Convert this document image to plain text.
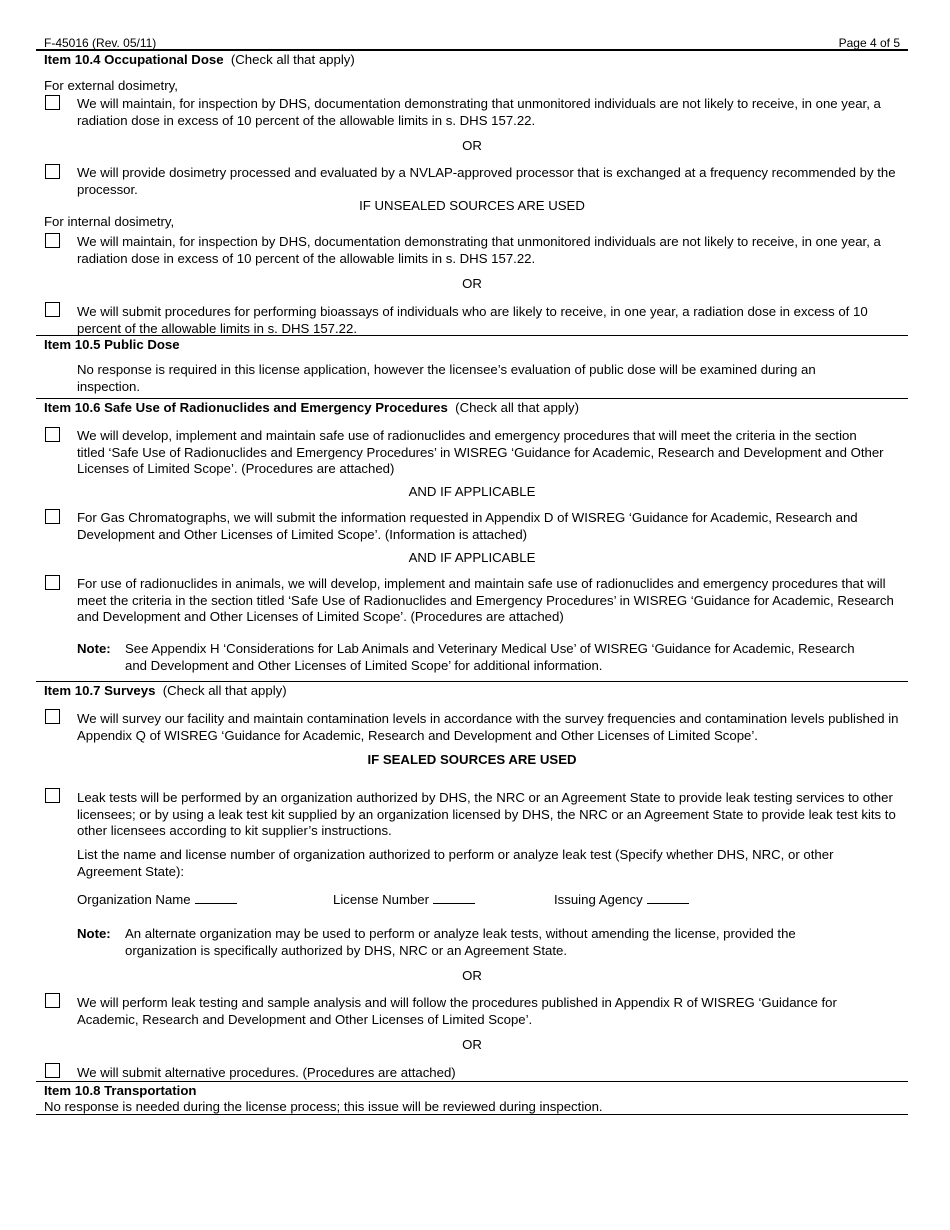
F-45016 (Rev. 05/11)	Page 4 of 5
Item 10.4 Occupational Dose (Check all that apply)
For external dosimetry,
We will maintain, for inspection by DHS, documentation demonstrating that unmonitored individuals are not likely to receive, in one year, a radiation dose in excess of 10 percent of the allowable limits in s. DHS 157.22.
OR
We will provide dosimetry processed and evaluated by a NVLAP-approved processor that is exchanged at a frequency recommended by the processor.
IF UNSEALED SOURCES ARE USED
For internal dosimetry,
We will maintain, for inspection by DHS, documentation demonstrating that unmonitored individuals are not likely to receive, in one year, a radiation dose in excess of 10 percent of the allowable limits in s. DHS 157.22.
OR
We will submit procedures for performing bioassays of individuals who are likely to receive, in one year, a radiation dose in excess of 10 percent of the allowable limits in s. DHS 157.22.
Item 10.5 Public Dose
No response is required in this license application, however the licensee’s evaluation of public dose will be examined during an inspection.
Item 10.6 Safe Use of Radionuclides and Emergency Procedures (Check all that apply)
We will develop, implement and maintain safe use of radionuclides and emergency procedures that will meet the criteria in the section titled ‘Safe Use of Radionuclides and Emergency Procedures’ in WISREG ‘Guidance for Academic, Research and Development and Other Licenses of Limited Scope’. (Procedures are attached)
AND IF APPLICABLE
For Gas Chromatographs, we will submit the information requested in Appendix D of WISREG ‘Guidance for Academic, Research and Development and Other Licenses of Limited Scope’. (Information is attached)
AND IF APPLICABLE
For use of radionuclides in animals, we will develop, implement and maintain safe use of radionuclides and emergency procedures that will meet the criteria in the section titled ‘Safe Use of Radionuclides and Emergency Procedures’ in WISREG ‘Guidance for Academic, Research and Development and Other Licenses of Limited Scope’. (Procedures are attached)
Note: See Appendix H ‘Considerations for Lab Animals and Veterinary Medical Use’ of WISREG ‘Guidance for Academic, Research and Development and Other Licenses of Limited Scope’ for additional information.
Item 10.7 Surveys (Check all that apply)
We will survey our facility and maintain contamination levels in accordance with the survey frequencies and contamination levels published in Appendix Q of WISREG ‘Guidance for Academic, Research and Development and Other Licenses of Limited Scope’.
IF SEALED SOURCES ARE USED
Leak tests will be performed by an organization authorized by DHS, the NRC or an Agreement State to provide leak testing services to other licensees; or by using a leak test kit supplied by an organization licensed by DHS, the NRC or an Agreement State to provide leak test kits to other licensees according to kit supplier’s instructions.
List the name and license number of organization authorized to perform or analyze leak test (Specify whether DHS, NRC, or other Agreement State):
Organization Name	License Number	Issuing Agency
Note: An alternate organization may be used to perform or analyze leak tests, without amending the license, provided the organization is specifically authorized by DHS, NRC or an Agreement State.
OR
We will perform leak testing and sample analysis and will follow the procedures published in Appendix R of WISREG ‘Guidance for Academic, Research and Development and Other Licenses of Limited Scope’.
OR
We will submit alternative procedures. (Procedures are attached)
Item 10.8 Transportation
No response is needed during the license process; this issue will be reviewed during inspection.
